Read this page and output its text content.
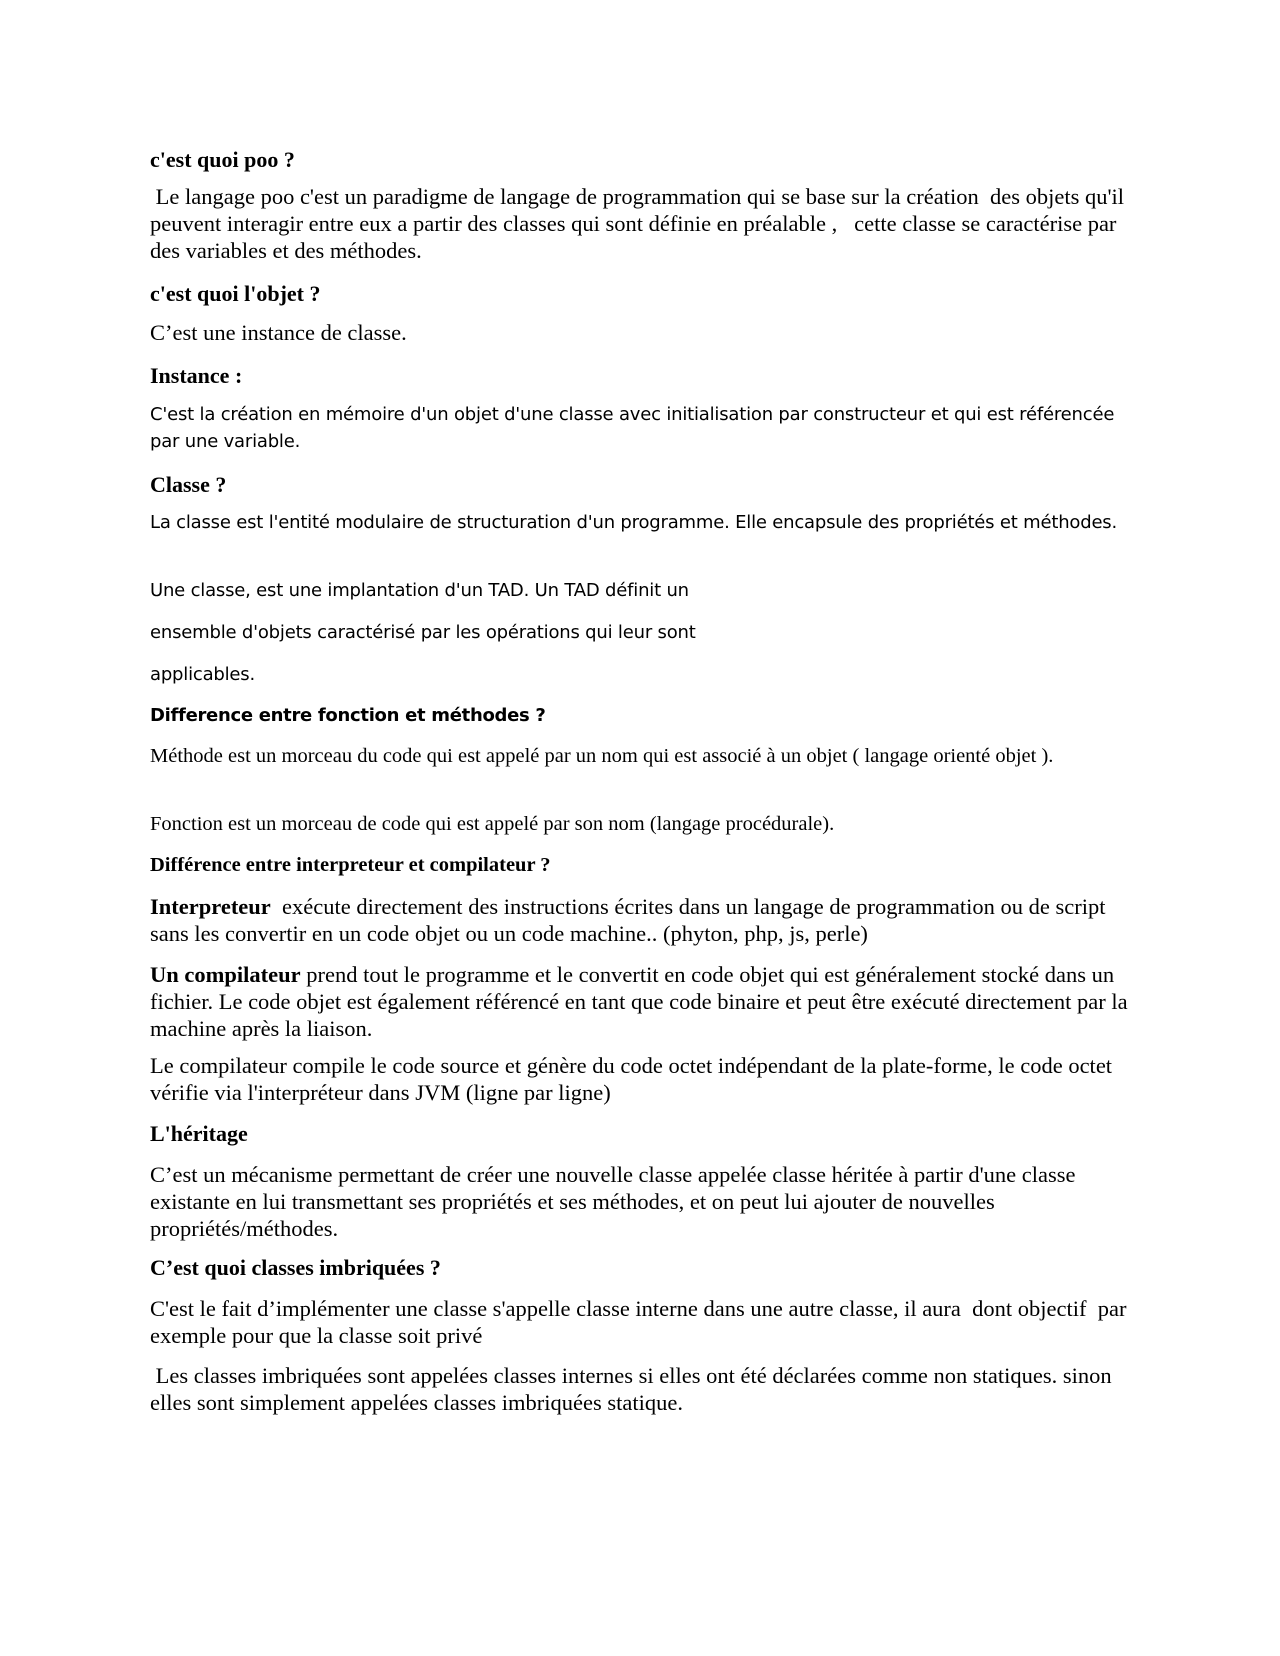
c'est quoi poo ?
Le langage poo c'est un paradigme de langage de programmation qui se base sur la création  des objets qu'il peuvent interagir entre eux a partir des classes qui sont définie en préalable ,   cette classe se caractérise par des variables et des méthodes.
c'est quoi l'objet ?
C’est une instance de classe.
Instance :
C'est la création en mémoire d'un objet d'une classe avec initialisation par constructeur et qui est référencée par une variable.
Classe ?
La classe est l'entité modulaire de structuration d'un programme. Elle encapsule des propriétés et méthodes.
Une classe, est une implantation d'un TAD. Un TAD définit un
ensemble d'objets caractérisé par les opérations qui leur sont
applicables.
Difference entre fonction et méthodes ?
Méthode est un morceau du code qui est appelé par un nom qui est associé à un objet ( langage orienté objet ).
Fonction est un morceau de code qui est appelé par son nom (langage procédurale).
Différence entre interpreteur et compilateur ?
Interpreteur  exécute directement des instructions écrites dans un langage de programmation ou de script sans les convertir en un code objet ou un code machine.. (phyton, php, js, perle)
Un compilateur prend tout le programme et le convertit en code objet qui est généralement stocké dans un fichier. Le code objet est également référencé en tant que code binaire et peut être exécuté directement par la machine après la liaison.
Le compilateur compile le code source et génère du code octet indépendant de la plate-forme, le code octet vérifie via l'interpréteur dans JVM (ligne par ligne)
L'héritage
C’est un mécanisme permettant de créer une nouvelle classe appelée classe héritée à partir d'une classe existante en lui transmettant ses propriétés et ses méthodes, et on peut lui ajouter de nouvelles propriétés/méthodes.
C’est quoi classes imbriquées ?
C'est le fait d’implémenter une classe s'appelle classe interne dans une autre classe, il aura  dont objectif  par exemple pour que la classe soit privé
Les classes imbriquées sont appelées classes internes si elles ont été déclarées comme non statiques. sinon elles sont simplement appelées classes imbriquées statique.
